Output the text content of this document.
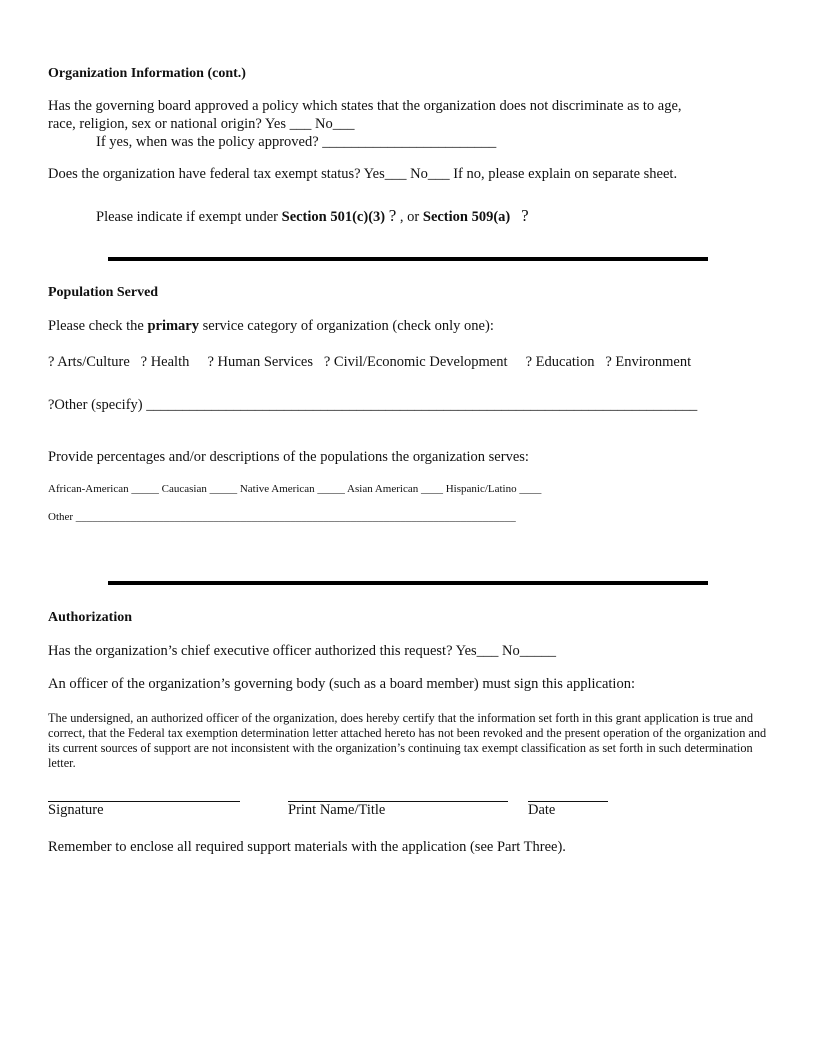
Organization Information (cont.)
Has the governing board approved a policy which states that the organization does not discriminate as to age,
race, religion, sex or national origin? Yes ___ No___
If yes, when was the policy approved? ________________________
Does the organization have federal tax exempt status? Yes___ No___ If no, please explain on separate sheet.
Please indicate if exempt under Section 501(c)(3) ? , or Section 509(a) ?
Population Served
Please check the primary service category of organization (check only one):
? Arts/Culture ? Health ? Human Services ? Civil/Economic Development ? Education ? Environment
?Other (specify) ____________________________________________________________________________
Provide percentages and/or descriptions of the populations the organization serves:
African-American _____ Caucasian _____ Native American _____ Asian American ____ Hispanic/Latino ____
Other ________________________________________________________________________________
Authorization
Has the organization’s chief executive officer authorized this request? Yes___ No_____
An officer of the organization’s governing body (such as a board member) must sign this application:
The undersigned, an authorized officer of the organization, does hereby certify that the information set forth in this grant application is true and correct, that the Federal tax exemption determination letter attached hereto has not been revoked and the present operation of the organization and its current sources of support are not inconsistent with the organization’s continuing tax exempt classification as set forth in such determination letter.
Signature	Print Name/Title	Date
Remember to enclose all required support materials with the application (see Part Three).
